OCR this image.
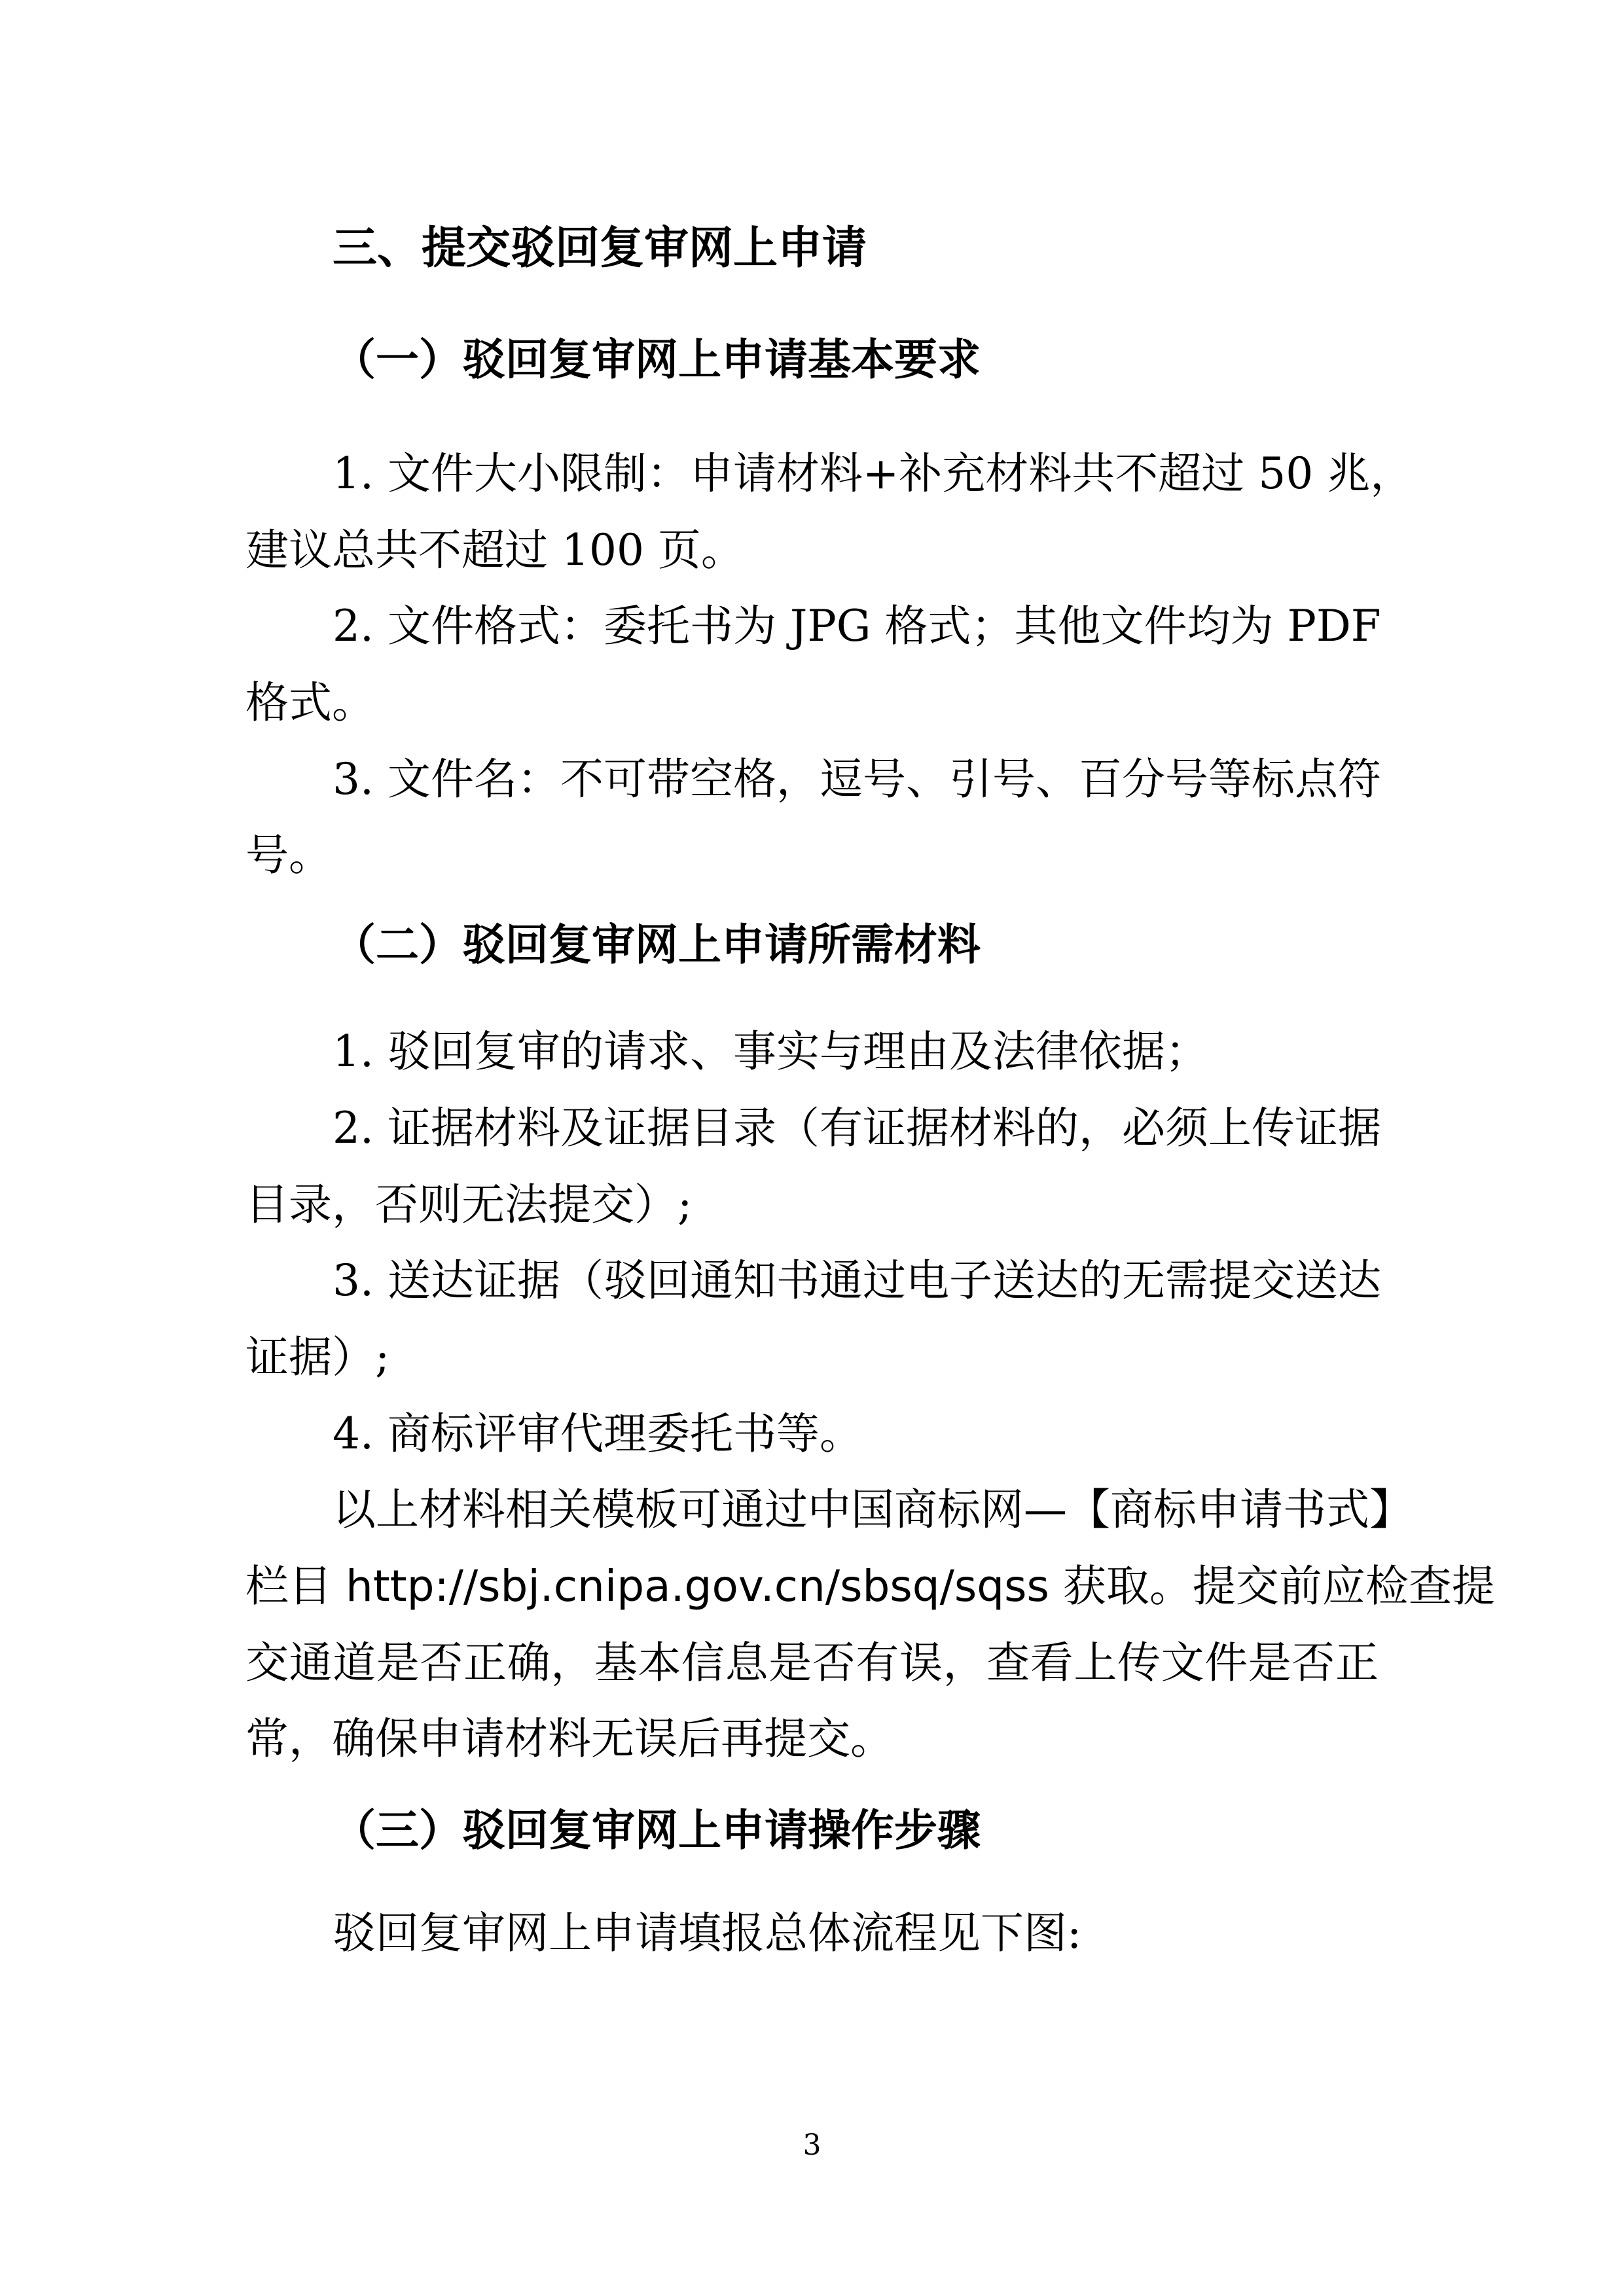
三、提交驳回复审网上申请
（一）驳回复审网上申请基本要求
1. 文件大小限制：申请材料+补充材料共不超过 50 兆，
建议总共不超过 100 页。
2. 文件格式：委托书为 JPG 格式；其他文件均为 PDF
格式。
3. 文件名：不可带空格，逗号、引号、百分号等标点符
号。
（二）驳回复审网上申请所需材料
1. 驳回复审的请求、事实与理由及法律依据；
2. 证据材料及证据目录（有证据材料的，必须上传证据
目录，否则无法提交）;
3. 送达证据（驳回通知书通过电子送达的无需提交送达
证据）;
4. 商标评审代理委托书等。
以上材料相关模板可通过中国商标网—【商标申请书式】
栏目 http://sbj.cnipa.gov.cn/sbsq/sqss 获取。提交前应检查提
交通道是否正确，基本信息是否有误，查看上传文件是否正
常，确保申请材料无误后再提交。
（三）驳回复审网上申请操作步骤
驳回复审网上申请填报总体流程见下图:
3
